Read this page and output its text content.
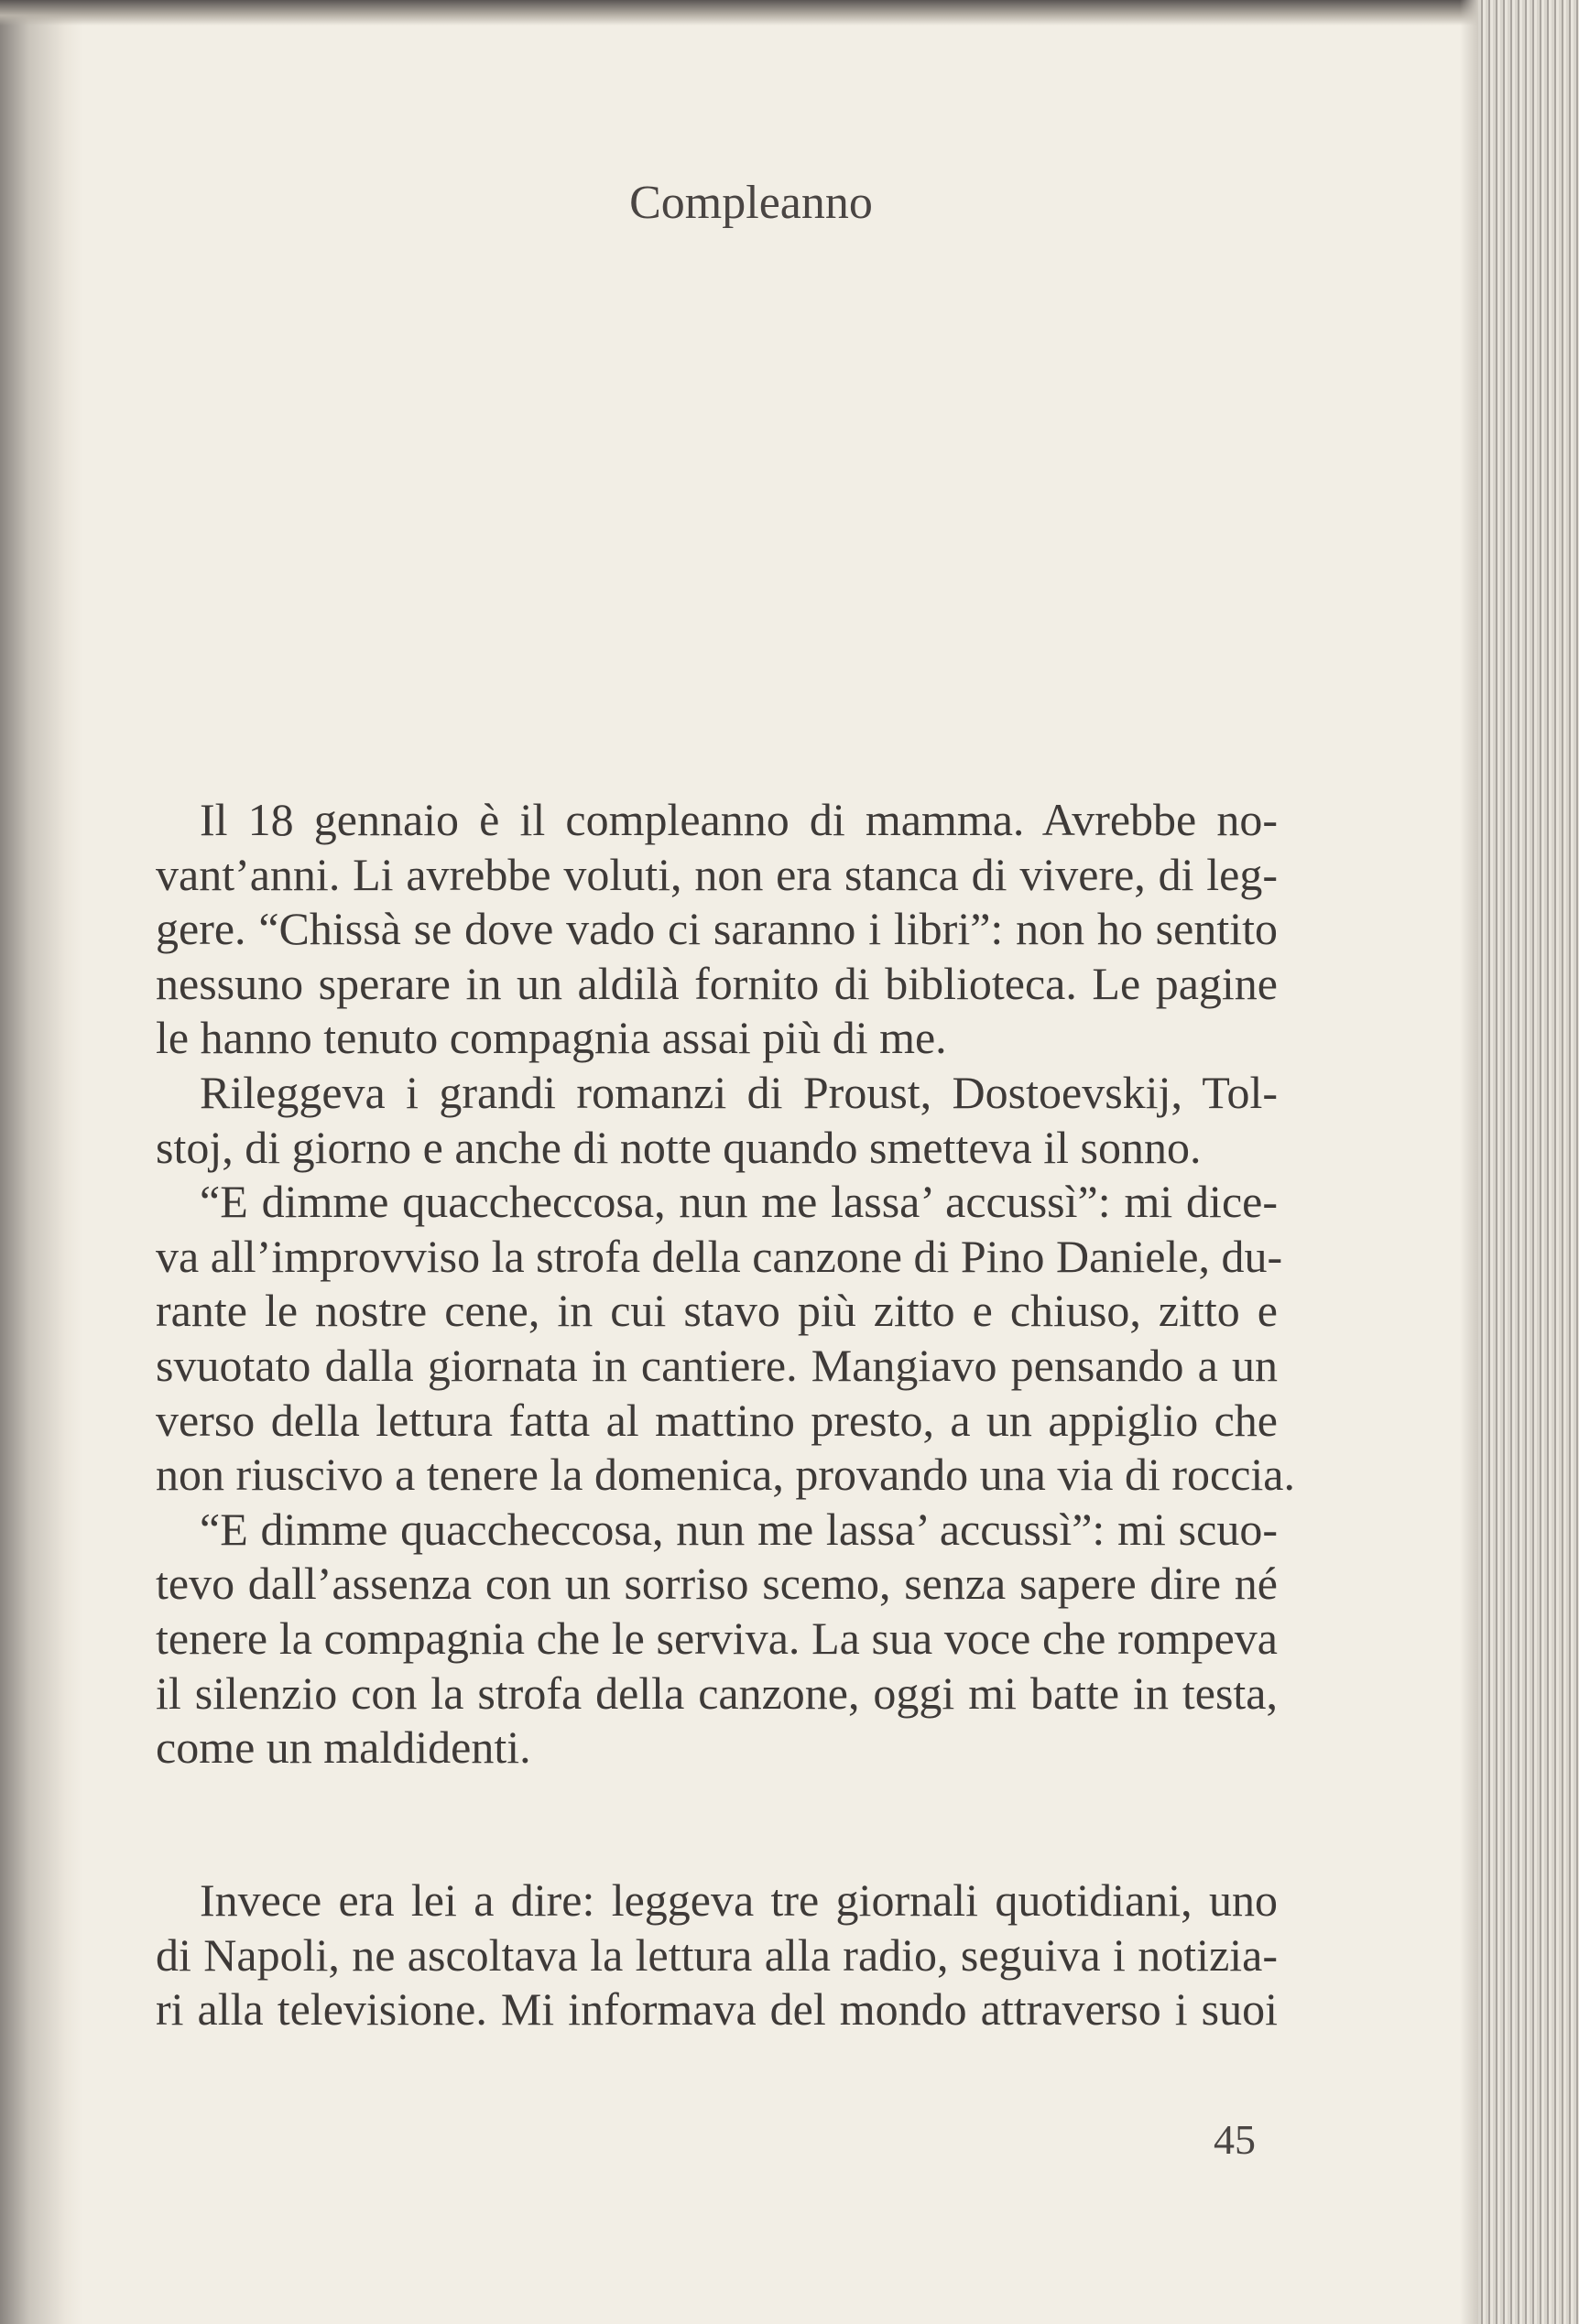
Compleanno
Il 18 gennaio è il compleanno di mamma. Avrebbe no-
vant’anni. Li avrebbe voluti, non era stanca di vivere, di leg-
gere. “Chissà se dove vado ci saranno i libri”: non ho sentito
nessuno sperare in un aldilà fornito di biblioteca. Le pagine
le hanno tenuto compagnia assai più di me.
Rileggeva i grandi romanzi di Proust, Dostoevskij, Tol-
stoj, di giorno e anche di notte quando smetteva il sonno.
“E dimme quaccheccosa, nun me lassa’ accussì”: mi dice-
va all’improvviso la strofa della canzone di Pino Daniele, du-
rante le nostre cene, in cui stavo più zitto e chiuso, zitto e
svuotato dalla giornata in cantiere. Mangiavo pensando a un
verso della lettura fatta al mattino presto, a un appiglio che
non riuscivo a tenere la domenica, provando una via di roccia.
“E dimme quaccheccosa, nun me lassa’ accussì”: mi scuo-
tevo dall’assenza con un sorriso scemo, senza sapere dire né
tenere la compagnia che le serviva. La sua voce che rompeva
il silenzio con la strofa della canzone, oggi mi batte in testa,
come un maldidenti.
Invece era lei a dire: leggeva tre giornali quotidiani, uno
di Napoli, ne ascoltava la lettura alla radio, seguiva i notizia-
ri alla televisione. Mi informava del mondo attraverso i suoi
45
